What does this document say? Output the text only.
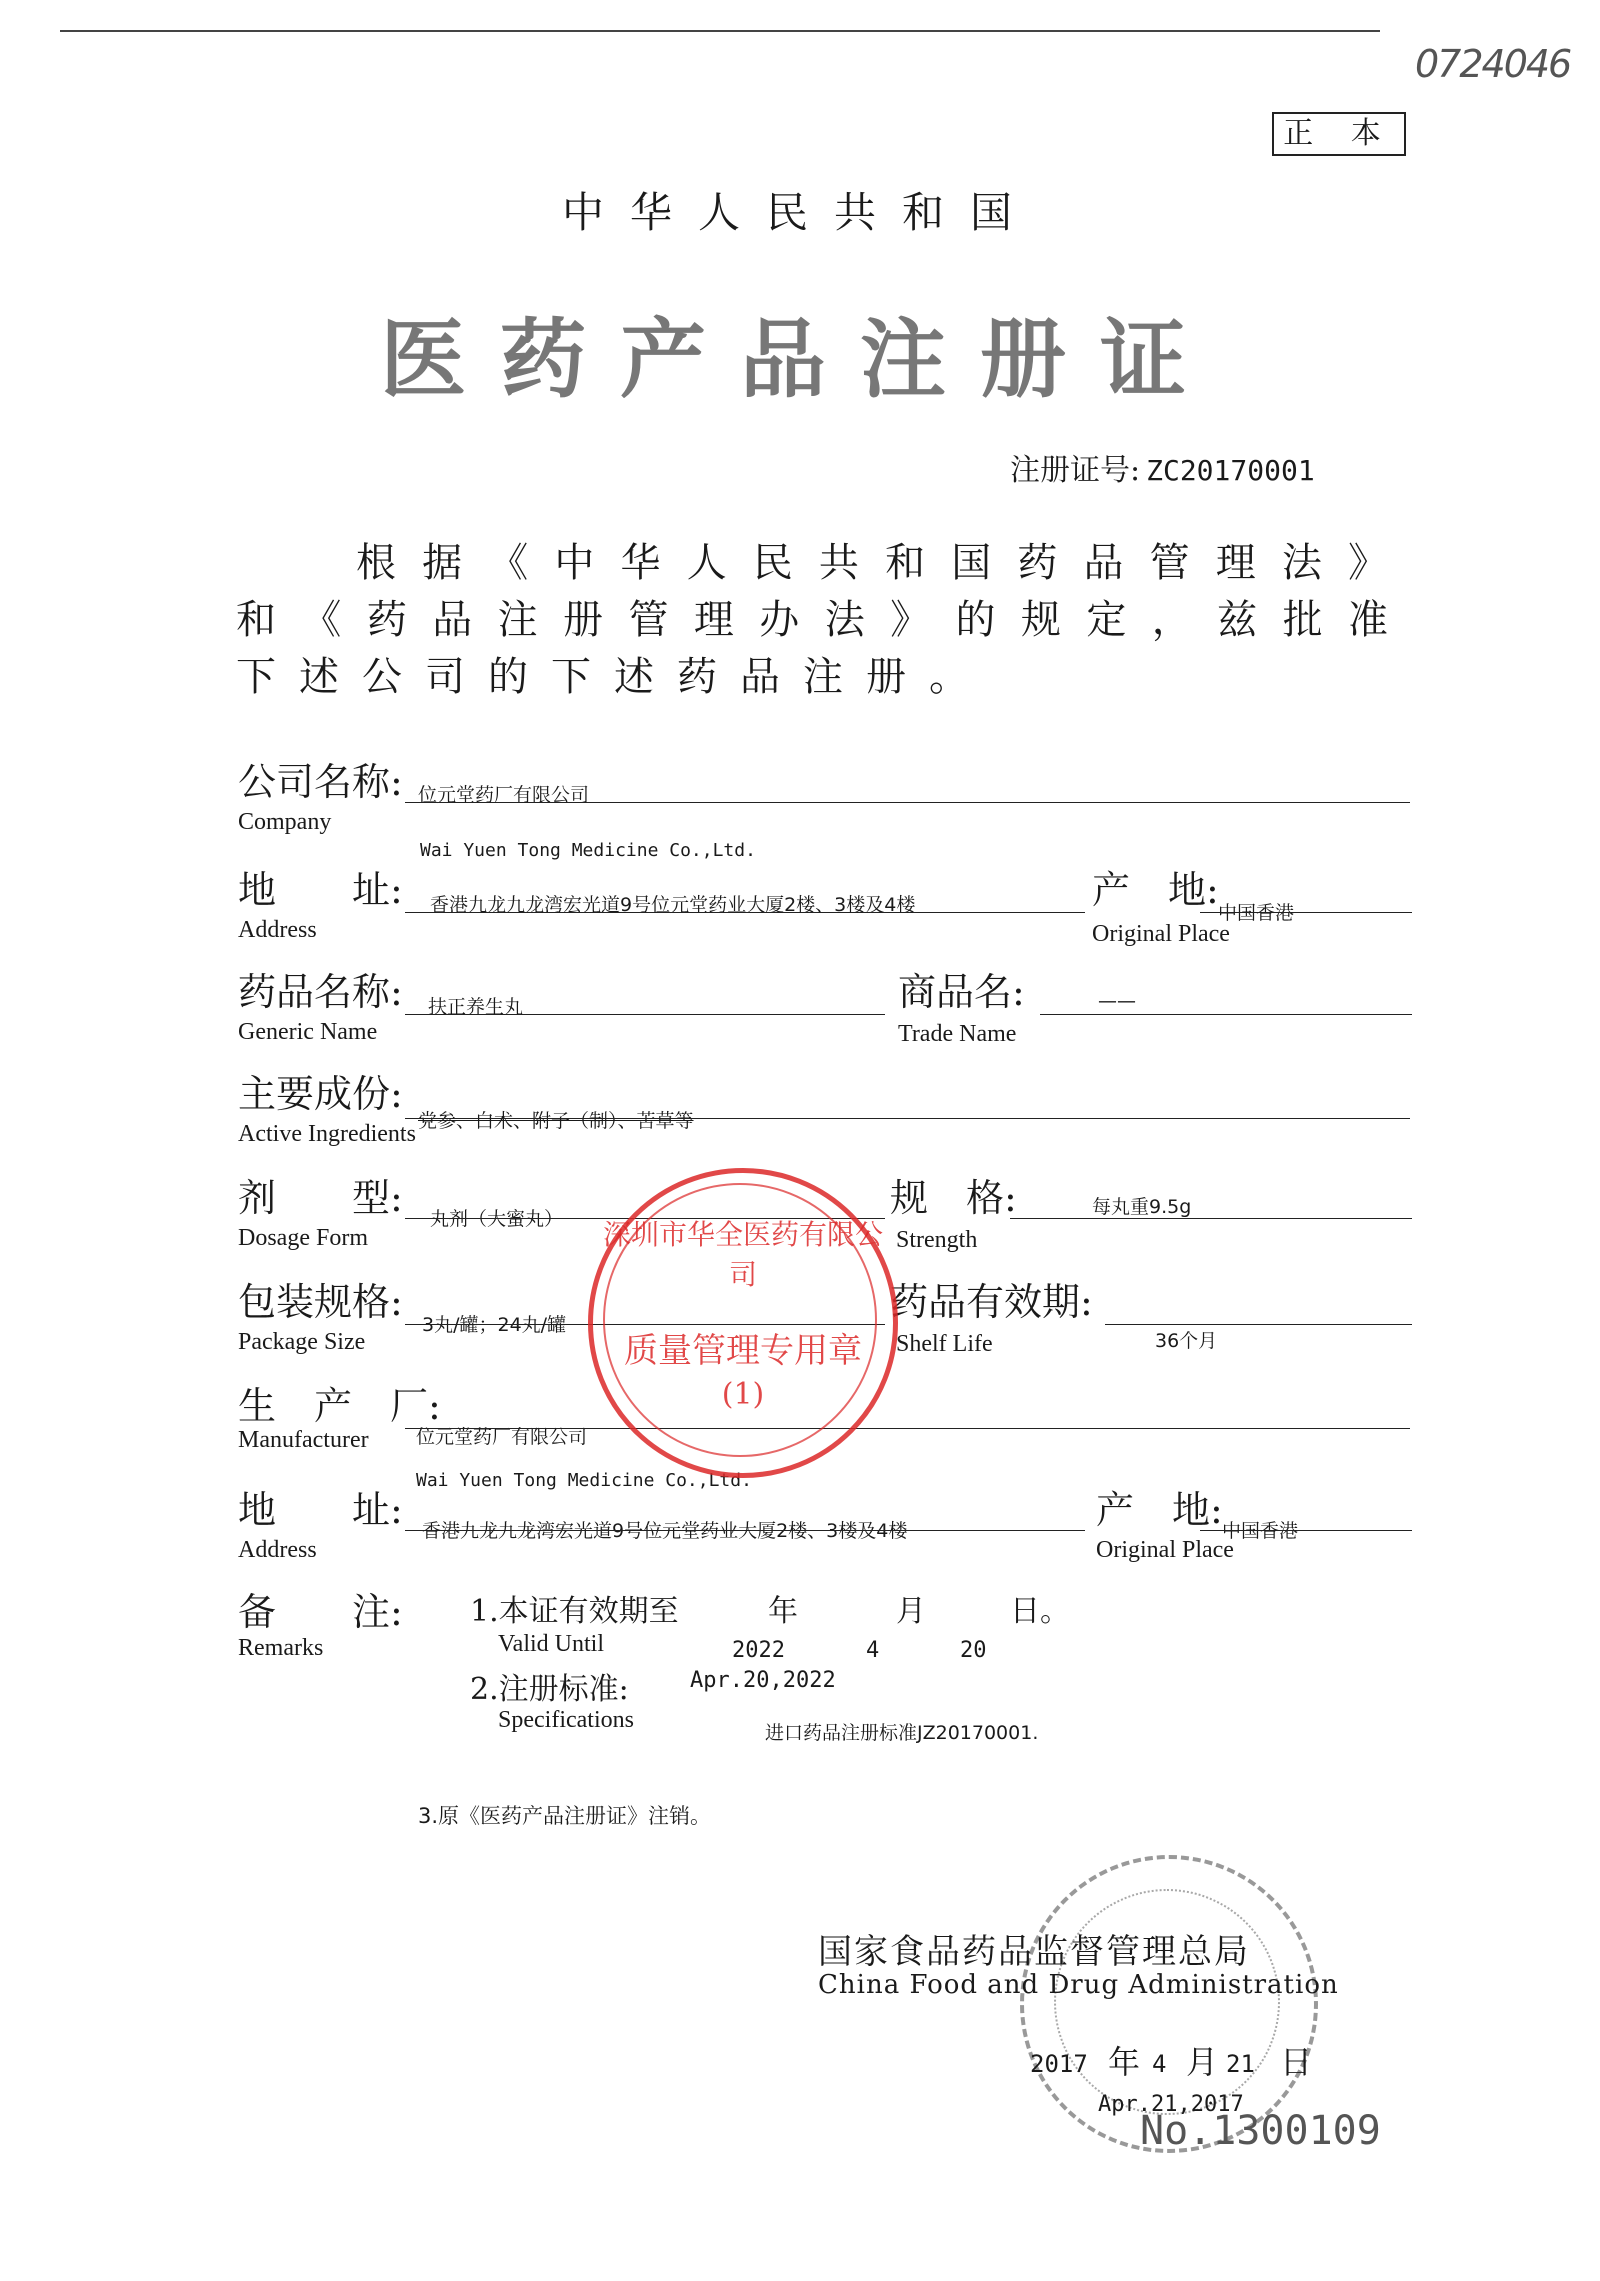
0724046
正 本
中华人民共和国
医药产品注册证
注册证号: ZC20170001

根据《中华人民共和国药品管理法》和《药品注册管理办法》的规定，兹批准下述公司的下述药品注册。

公司名称:
Company
位元堂药厂有限公司
Wai Yuen Tong Medicine Co.,Ltd.
地　　址:
Address
香港九龙九龙湾宏光道9号位元堂药业大厦2楼、3楼及4楼	产　地:
Original Place
中国香港
药品名称:
Generic Name
扶正养生丸	商品名:
Trade Name
——
主要成份:
Active Ingredients 党参、白术、附子（制）、苦草等
剂　　型:
Dosage Form
丸剂（大蜜丸）	规　格:
Strength
每丸重9.5g
包装规格:
Package Size
3丸/罐；24丸/罐
药品有效期:
Shelf Life	36个月
生　产　厂:
Manufacturer 位元堂药厂有限公司
Wai Yuen Tong Medicine Co.,Ltd.
地　　址:
Address
香港九龙九龙湾宏光道9号位元堂药业大厦2楼、3楼及4楼	产　地:
Original Place
中国香港
备　　注:
Remarks
1.本证有效期至	年	月	日。
Valid Until	2022	4	20
Apr.20,2022
2.注册标准:
Specifications	进口药品注册标准JZ20170001.
3.原《医药产品注册证》注销。
深圳市华全医药有限公司
质量管理专用章
(1)
国家食品药品监督管理总局
China Food and Drug Administration
2017 年 4 月 21 日
Apr.21,2017
No.1300109
